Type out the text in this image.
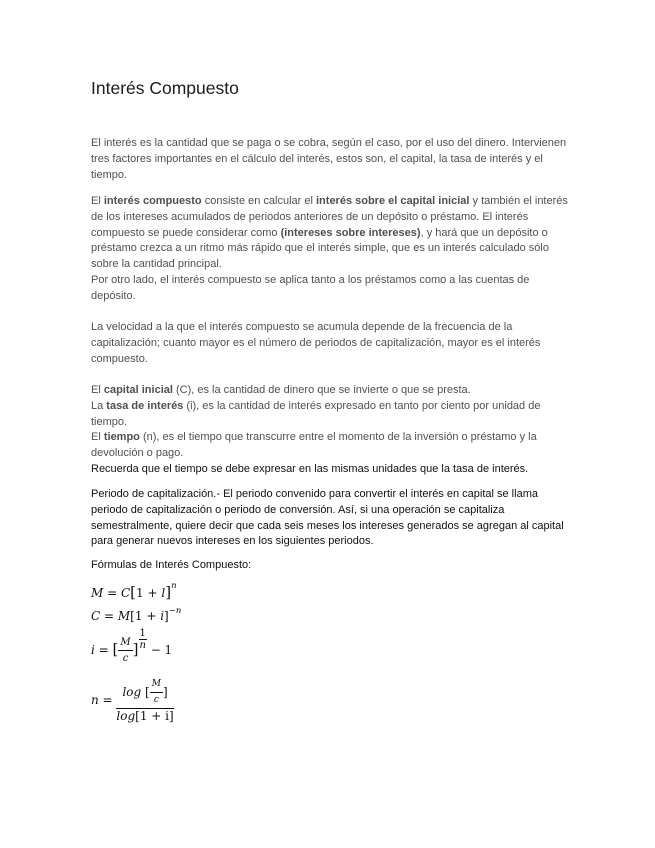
Interés Compuesto

El interés es la cantidad que se paga o se cobra, según el caso, por el uso del dinero. Intervienen tres factores importantes en el cálculo del interés, estos son, el capital, la tasa de interés y el tiempo.

El interés compuesto consiste en calcular el interés sobre el capital inicial y también el interés de los intereses acumulados de periodos anteriores de un depósito o préstamo. El interés compuesto se puede considerar como (intereses sobre intereses), y hará que un depósito o préstamo crezca a un ritmo más rápido que el interés simple, que es un interés calculado sólo sobre la cantidad principal.
Por otro lado, el interés compuesto se aplica tanto a los préstamos como a las cuentas de depósito.

La velocidad a la que el interés compuesto se acumula depende de la frecuencia de la capitalización; cuanto mayor es el número de periodos de capitalización, mayor es el interés compuesto.

El capital inicial (C), es la cantidad de dinero que se invierte o que se presta.
La tasa de interés (i), es la cantidad de interés expresado en tanto por ciento por unidad de tiempo.
El tiempo (n), es el tiempo que transcurre entre el momento de la inversión o préstamo y la devolución o pago.
Recuerda que el tiempo se debe expresar en las mismas unidades que la tasa de interés.

Periodo de capitalización.- El periodo convenido para convertir el interés en capital se llama periodo de capitalización o periodo de conversión. Así, si una operación se capitaliza semestralmente, quiere decir que cada seis meses los intereses generados se agregan al capital para generar nuevos intereses en los siguientes periodos.

Fórmulas de Interés Compuesto:

$M = C[1 + l]^n$
$C = M[1 + i]^{-n}$
i = [ $\frac{M}{c}$ ] $\frac{1}{n} - 1$
$n = \frac{\log [ \frac{M}{c} ]}{\log[1 + i]}$
